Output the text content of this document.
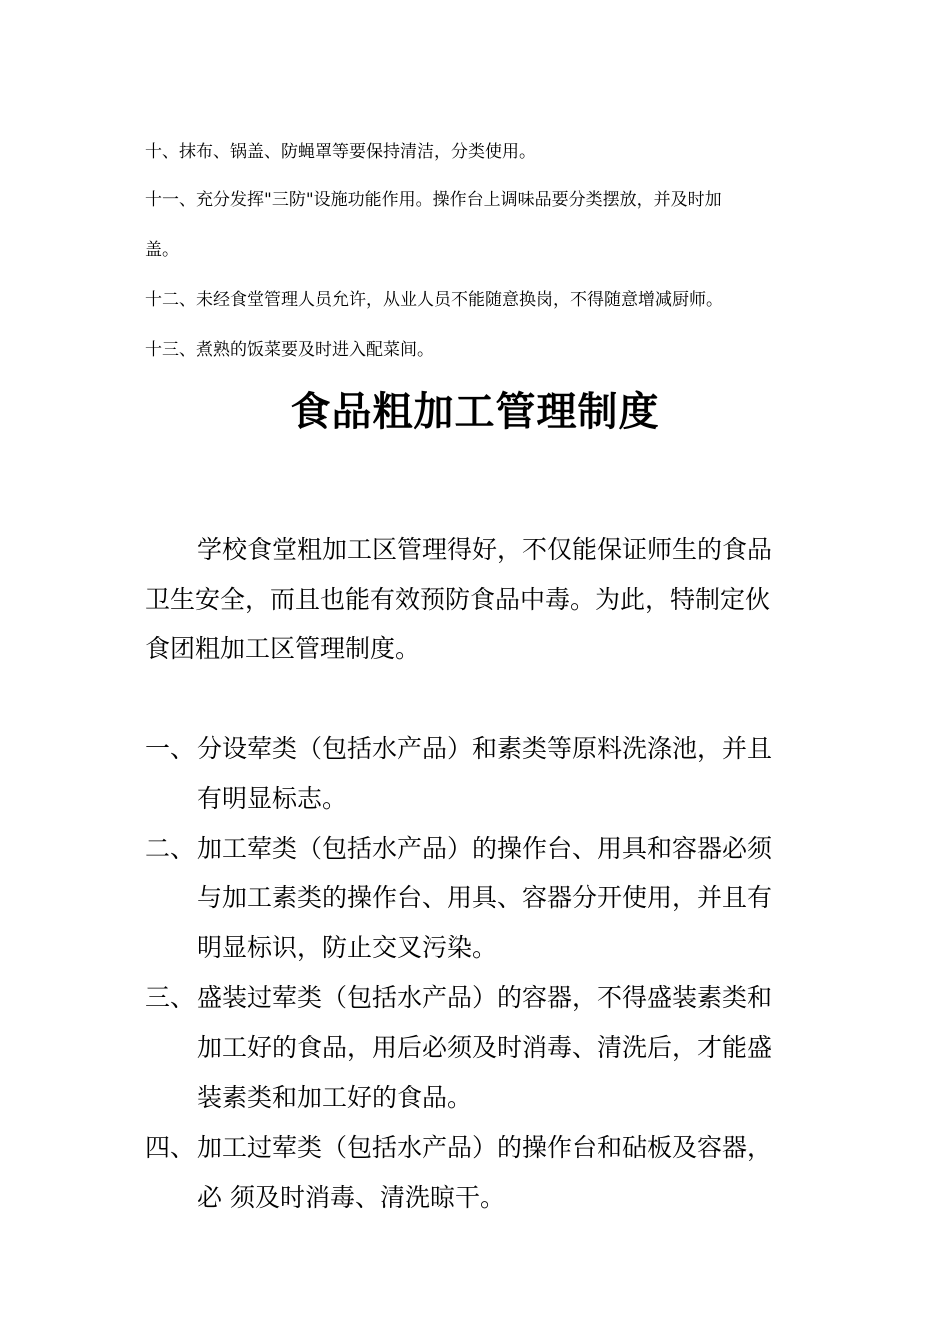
十、抹布、锅盖、防蝇罩等要保持清洁，分类使用。
十一、充分发挥"三防"设施功能作用。操作台上调味品要分类摆放，并及时加
盖。
十二、未经食堂管理人员允许，从业人员不能随意换岗，不得随意增减厨师。
十三、煮熟的饭菜要及时进入配菜间。
食品粗加工管理制度
学校食堂粗加工区管理得好，不仅能保证师生的食品
卫生安全，而且也能有效预防食品中毒。为此，特制定伙
食团粗加工区管理制度。
一、 分设荤类（包括水产品）和素类等原料洗涤池，并且
有明显标志。
二、 加工荤类（包括水产品）的操作台、用具和容器必须
与加工素类的操作台、用具、容器分开使用，并且有
明显标识，防止交叉污染。
三、 盛装过荤类（包括水产品）的容器，不得盛装素类和
加工好的食品，用后必须及时消毒、清洗后，才能盛
装素类和加工好的食品。
四、 加工过荤类（包括水产品）的操作台和砧板及容器，
必 须及时消毒、清洗晾干。
